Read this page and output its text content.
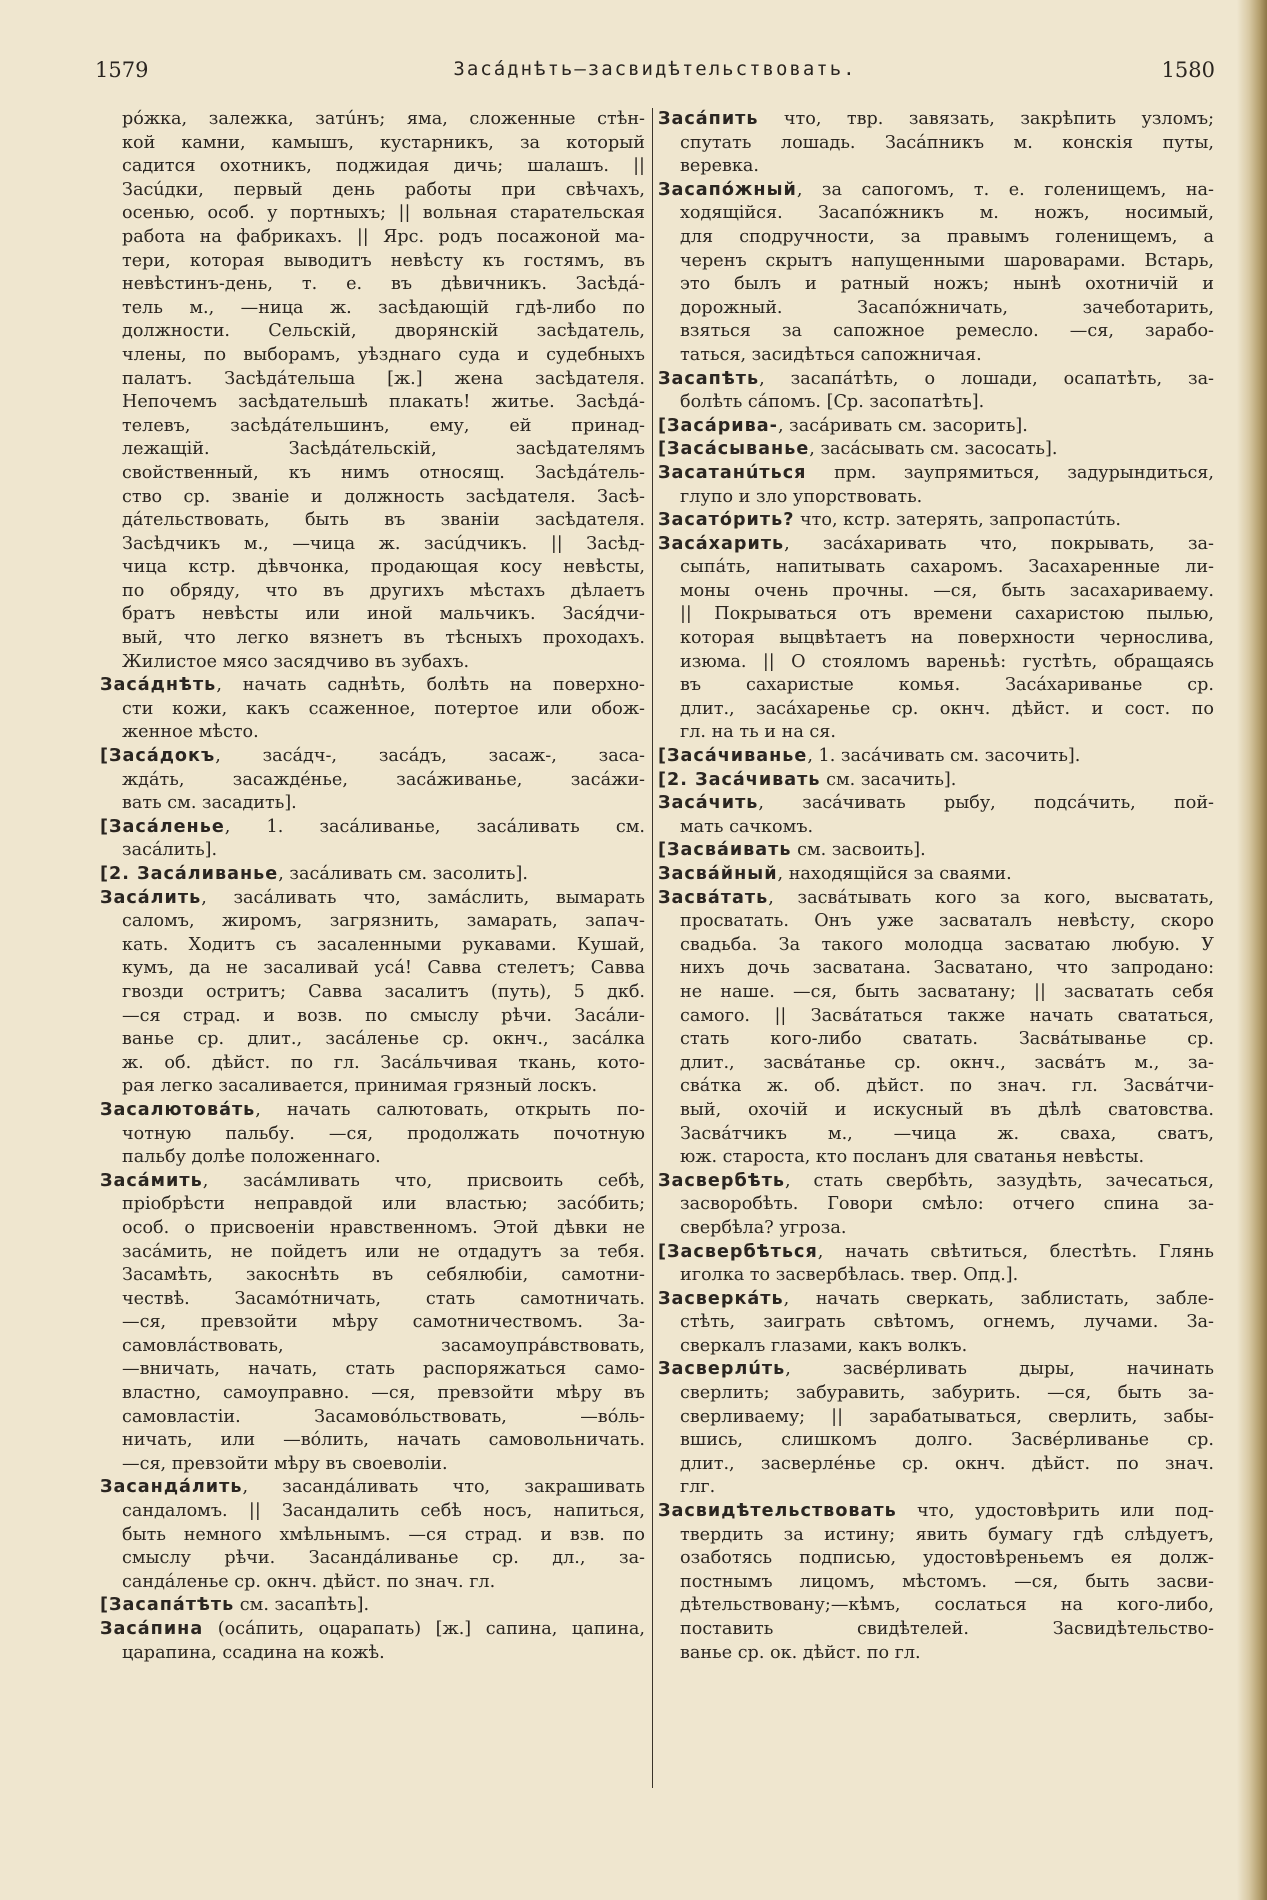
1579	Засáднѣть—засвидѣтельствовать.	1580
рóжка, залежка, затúнъ; яма, сложенные стѣн-
кой камни, камышъ, кустарникъ, за который
садится охотникъ, поджидая дичь; шалашъ. ||
Засúдки, первый день работы при свѣчахъ,
осенью, особ. у портныхъ; || вольная старательская
работа на фабрикахъ. || Ярс. родъ посажоной ма-
тери, которая выводитъ невѣсту къ гостямъ, въ
невѣстинъ-день, т. е. въ дѣвичникъ. Засѣдá-
тель м., —ница ж. засѣдающій гдѣ-либо по
должности. Сельскій, дворянскій засѣдатель,
члены, по выборамъ, уѣзднаго суда и судебныхъ
палатъ. Засѣдáтельша [ж.] жена засѣдателя.
Непочемъ засѣдательшѣ плакать! житье. Засѣдá-
телевъ, засѣдáтельшинъ, ему, ей принад-
лежащій. Засѣдáтельскій, засѣдателямъ
свойственный, къ нимъ относящ. Засѣдáтель-
ство ср. званіе и должность засѣдателя. Засѣ-
дáтельствовать, быть въ званіи засѣдателя.
Засѣдчикъ м., —чица ж. засúдчикъ. || Засѣд-
чица кстр. дѣвчонка, продающая косу невѣсты,
по обряду, что въ другихъ мѣстахъ дѣлаетъ
братъ невѣсты или иной мальчикъ. Зася́дчи-
вый, что легко вязнетъ въ тѣсныхъ проходахъ.
Жилистое мясо засядчиво въ зубахъ.
Засáднѣть, начать саднѣть, болѣть на поверхно-
сти кожи, какъ ссаженное, потертое или обож-
женное мѣсто.
[Засáдокъ, засáдч-, засáдъ, засаж-, заса-
ждáть, засаждéнье, засáживанье, засáжи-
вать см. засадить].
[Засáленье, 1. засáливанье, засáливать см.
засáлить].
[2. Засáливанье, засáливать см. засолить].
Засáлить, засáливать что, замáслить, вымарать
саломъ, жиромъ, загрязнить, замарать, запач-
кать. Ходитъ съ засаленными рукавами. Кушай,
кумъ, да не засаливай усá! Савва стелетъ; Савва
гвозди остритъ; Савва засалитъ (путь), 5 дкб.
—ся страд. и возв. по смыслу рѣчи. Засáли-
ванье ср. длит., засáленье ср. окнч., засáлка
ж. об. дѣйст. по гл. Засáльчивая ткань, кото-
рая легко засаливается, принимая грязный лоскъ.
Засалютовáть, начать салютовать, открыть по-
чотную пальбу. —ся, продолжать почотную
пальбу долѣе положеннаго.
Засáмить, засáмливать что, присвоить себѣ,
пріобрѣсти неправдой или властью; засóбить;
особ. о присвоеніи нравственномъ. Этой дѣвки не
засáмить, не пойдетъ или не отдадутъ за тебя.
Засамѣть, закоснѣть въ себялюбіи, самотни-
чествѣ. Засамóтничать, стать самотничать.
—ся, превзойти мѣру самотничествомъ. За-
самовлáствовать, засамоупрáвствовать,
—вничать, начать, стать распоряжаться само-
властно, самоуправно. —ся, превзойти мѣру въ
самовластіи. Засамовóльствовать, —вóль-
ничать, или —вóлить, начать самовольничать.
—ся, превзойти мѣру въ своеволіи.
Засандáлить, засандáливать что, закрашивать
сандаломъ. || Засандалить себѣ носъ, напиться,
быть немного хмѣльнымъ. —ся страд. и взв. по
смыслу рѣчи. Засандáливанье ср. дл., за-
сандáленье ср. окнч. дѣйст. по знач. гл.
[Засапáтѣть см. засапѣть].
Засáпина (осáпить, оцарапать) [ж.] сапина, цапина,
царапина, ссадина на кожѣ.
Засáпить что, твр. завязать, закрѣпить узломъ;
спутать лошадь. Засáпникъ м. конскія путы,
веревка.
Засапóжный, за сапогомъ, т. е. голенищемъ, на-
ходящійся. Засапóжникъ м. ножъ, носимый,
для сподручности, за правымъ голенищемъ, а
черенъ скрытъ напущенными шароварами. Встарь,
это былъ и ратный ножъ; нынѣ охотничій и
дорожный. Засапóжничать, зачеботарить,
взяться за сапожное ремесло. —ся, зарабо-
таться, засидѣться сапожничая.
Засапѣть, засапáтѣть, о лошади, осапатѣть, за-
болѣть сáпомъ. [Ср. засопатѣть].
[Засáрива-, засáривать см. засорить].
[Засáсыванье, засáсывать см. засосать].
Засатанúться прм. заупрямиться, задурындиться,
глупо и зло упорствовать.
Засатóрить? что, кстр. затерять, запропастúть.
Засáхарить, засáхаривать что, покрывать, за-
сыпáть, напитывать сахаромъ. Засахаренные ли-
моны очень прочны. —ся, быть засахариваему.
|| Покрываться отъ времени сахаристою пылью,
которая выцвѣтаетъ на поверхности чернослива,
изюма. || О стояломъ вареньѣ: густѣть, обращаясь
въ сахаристые комья. Засáхариванье ср.
длит., засáхаренье ср. окнч. дѣйст. и сост. по
гл. на ть и на ся.
[Засáчиванье, 1. засáчивать см. засочить].
[2. Засáчивать см. засачить].
Засáчить, засáчивать рыбу, подсáчить, пой-
мать сачкомъ.
[Засвáивать см. засвоить].
Засвáйный, находящійся за сваями.
Засвáтать, засвáтывать кого за кого, высватать,
просватать. Онъ уже засваталъ невѣсту, скоро
свадьба. За такого молодца засватаю любую. У
нихъ дочь засватана. Засватано, что запродано:
не наше. —ся, быть засватану; || засватать себя
самого. || Засвáтаться также начать свататься,
стать кого-либо сватать. Засвáтыванье ср.
длит., засвáтанье ср. окнч., засвáтъ м., за-
свáтка ж. об. дѣйст. по знач. гл. Засвáтчи-
вый, охочій и искусный въ дѣлѣ сватовства.
Засвáтчикъ м., —чица ж. сваха, сватъ,
юж. староста, кто посланъ для сватанья невѣсты.
Засвербѣть, стать свербѣть, зазудѣть, зачесаться,
засворобѣть. Говори смѣло: отчего спина за-
свербѣла? угроза.
[Засвербѣться, начать свѣтиться, блестѣть. Глянь
иголка то засвербѣлась. твер. Опд.].
Засверкáть, начать сверкать, заблистать, забле-
стѣть, заиграть свѣтомъ, огнемъ, лучами. За-
сверкалъ глазами, какъ волкъ.
Засверлúть, засвéрливать дыры, начинать
сверлить; забуравить, забурить. —ся, быть за-
сверливаему; || зарабатываться, сверлить, забы-
вшись, слишкомъ долго. Засвéрливанье ср.
длит., засверлéнье ср. окнч. дѣйст. по знач.
глг.
Засвидѣтельствовать что, удостовѣрить или под-
твердить за истину; явить бумагу гдѣ слѣдуетъ,
озаботясь подписью, удостовѣреньемъ ея долж-
постнымъ лицомъ, мѣстомъ. —ся, быть засви-
дѣтельствовану;—кѣмъ, сослаться на кого-либо,
поставить свидѣтелей. Засвидѣтельство-
ванье ср. ок. дѣйст. по гл.
